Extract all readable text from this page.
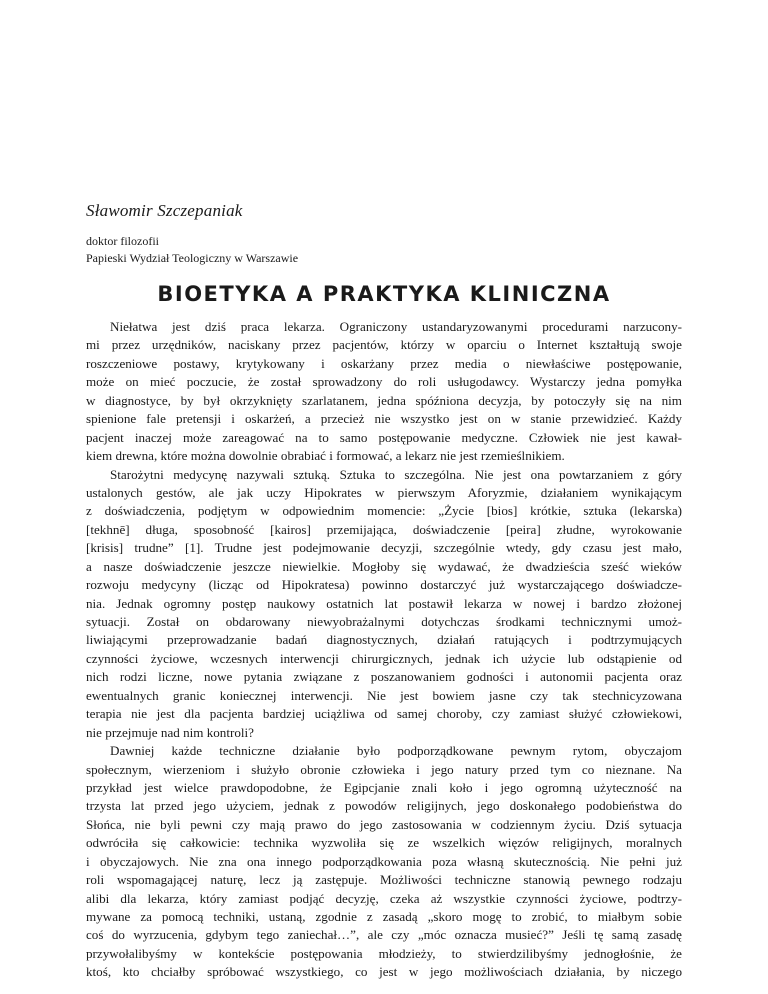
Sławomir Szczepaniak
doktor filozofii
Papieski Wydział Teologiczny w Warszawie
BIOETYKA A PRAKTYKA KLINICZNA
Niełatwa jest dziś praca lekarza. Ograniczony ustandaryzowanymi procedurami narzucony-
mi przez urzędników, naciskany przez pacjentów, którzy w oparciu o Internet kształtują swoje
roszczeniowe postawy, krytykowany i oskarżany przez media o niewłaściwe postępowanie,
może on mieć poczucie, że został sprowadzony do roli usługodawcy. Wystarczy jedna pomyłka
w diagnostyce, by był okrzyknięty szarlatanem, jedna spóźniona decyzja, by potoczyły się na nim
spienione fale pretensji i oskarżeń, a przecież nie wszystko jest on w stanie przewidzieć. Każdy
pacjent inaczej może zareagować na to samo postępowanie medyczne. Człowiek nie jest kawał-
kiem drewna, które można dowolnie obrabiać i formować, a lekarz nie jest rzemieślnikiem.
Starożytni medycynę nazywali sztuką. Sztuka to szczególna. Nie jest ona powtarzaniem z góry
ustalonych gestów, ale jak uczy Hipokrates w pierwszym Aforyzmie, działaniem wynikającym
z doświadczenia, podjętym w odpowiednim momencie: „Życie [bios] krótkie, sztuka (lekarska)
[tekhnē] długa, sposobność [kairos] przemijająca, doświadczenie [peira] złudne, wyrokowanie
[krisis] trudne” [1]. Trudne jest podejmowanie decyzji, szczególnie wtedy, gdy czasu jest mało,
a nasze doświadczenie jeszcze niewielkie. Mogłoby się wydawać, że dwadzieścia sześć wieków
rozwoju medycyny (licząc od Hipokratesa) powinno dostarczyć już wystarczającego doświadcze-
nia. Jednak ogromny postęp naukowy ostatnich lat postawił lekarza w nowej i bardzo złożonej
sytuacji. Został on obdarowany niewyobrażalnymi dotychczas środkami technicznymi umoż-
liwiającymi przeprowadzanie badań diagnostycznych, działań ratujących i podtrzymujących
czynności życiowe, wczesnych interwencji chirurgicznych, jednak ich użycie lub odstąpienie od
nich rodzi liczne, nowe pytania związane z poszanowaniem godności i autonomii pacjenta oraz
ewentualnych granic koniecznej interwencji. Nie jest bowiem jasne czy tak stechnicyzowana
terapia nie jest dla pacjenta bardziej uciążliwa od samej choroby, czy zamiast służyć człowiekowi,
nie przejmuje nad nim kontroli?
Dawniej każde techniczne działanie było podporządkowane pewnym rytom, obyczajom
społecznym, wierzeniom i służyło obronie człowieka i jego natury przed tym co nieznane. Na
przykład jest wielce prawdopodobne, że Egipcjanie znali koło i jego ogromną użyteczność na
trzysta lat przed jego użyciem, jednak z powodów religijnych, jego doskonałego podobieństwa do
Słońca, nie byli pewni czy mają prawo do jego zastosowania w codziennym życiu. Dziś sytuacja
odwróciła się całkowicie: technika wyzwoliła się ze wszelkich więzów religijnych, moralnych
i obyczajowych. Nie zna ona innego podporządkowania poza własną skutecznością. Nie pełni już
roli wspomagającej naturę, lecz ją zastępuje. Możliwości techniczne stanowią pewnego rodzaju
alibi dla lekarza, który zamiast podjąć decyzję, czeka aż wszystkie czynności życiowe, podtrzy-
mywane za pomocą techniki, ustaną, zgodnie z zasadą „skoro mogę to zrobić, to miałbym sobie
coś do wyrzucenia, gdybym tego zaniechał…”, ale czy „móc oznacza musieć?” Jeśli tę samą zasadę
przywołalibyśmy w kontekście postępowania młodzieży, to stwierdzilibyśmy jednogłośnie, że
ktoś, kto chciałby spróbować wszystkiego, co jest w jego możliwościach działania, by niczego
